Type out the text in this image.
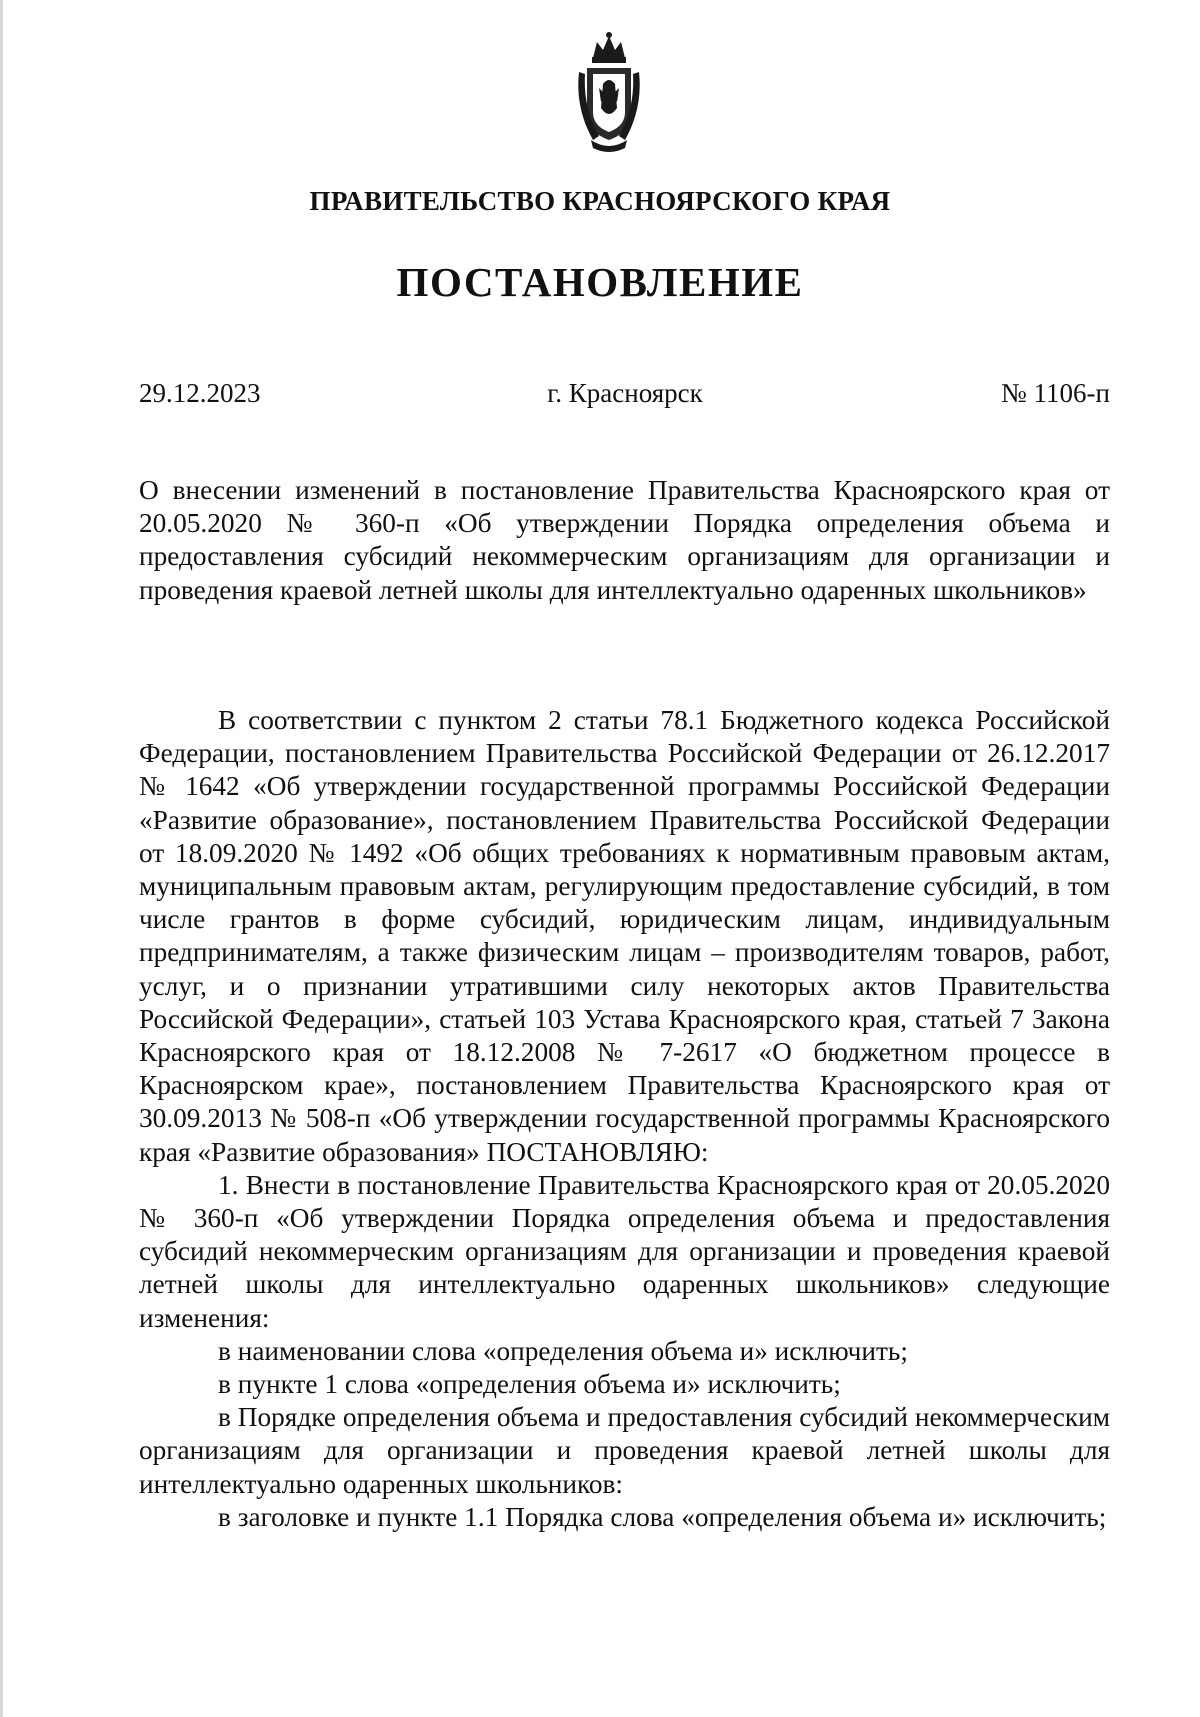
ПРАВИТЕЛЬСТВО КРАСНОЯРСКОГО КРАЯ
ПОСТАНОВЛЕНИЕ
29.12.2023	г. Красноярск	№ 1106-п
О внесении изменений в постановление Правительства Красноярского края от 20.05.2020 № 360-п «Об утверждении Порядка определения объема и предоставления субсидий некоммерческим организациям для организации и проведения краевой летней школы для интеллектуально одаренных школьников»

В соответствии с пунктом 2 статьи 78.1 Бюджетного кодекса Российской Федерации, постановлением Правительства Российской Федерации от 26.12.2017 № 1642 «Об утверждении государственной программы Российской Федерации «Развитие образование», постановлением Правительства Российской Федерации от 18.09.2020 № 1492 «Об общих требованиях к нормативным правовым актам, муниципальным правовым актам, регулирующим предоставление субсидий, в том числе грантов в форме субсидий, юридическим лицам, индивидуальным предпринимателям, а также физическим лицам – производителям товаров, работ, услуг, и о признании утратившими силу некоторых актов Правительства Российской Федерации», статьей 103 Устава Красноярского края, статьей 7 Закона Красноярского края от 18.12.2008 № 7-2617 «О бюджетном процессе в Красноярском крае», постановлением Правительства Красноярского края от 30.09.2013 № 508-п «Об утверждении государственной программы Красноярского края «Развитие образования» ПОСТАНОВЛЯЮ:

1. Внести в постановление Правительства Красноярского края от 20.05.2020 № 360-п «Об утверждении Порядка определения объема и предоставления субсидий некоммерческим организациям для организации и проведения краевой летней школы для интеллектуально одаренных школьников» следующие изменения:

в наименовании слова «определения объема и» исключить;

в пункте 1 слова «определения объема и» исключить;

в Порядке определения объема и предоставления субсидий некоммерческим организациям для организации и проведения краевой летней школы для интеллектуально одаренных школьников:

в заголовке и пункте 1.1 Порядка слова «определения объема и» исключить;
